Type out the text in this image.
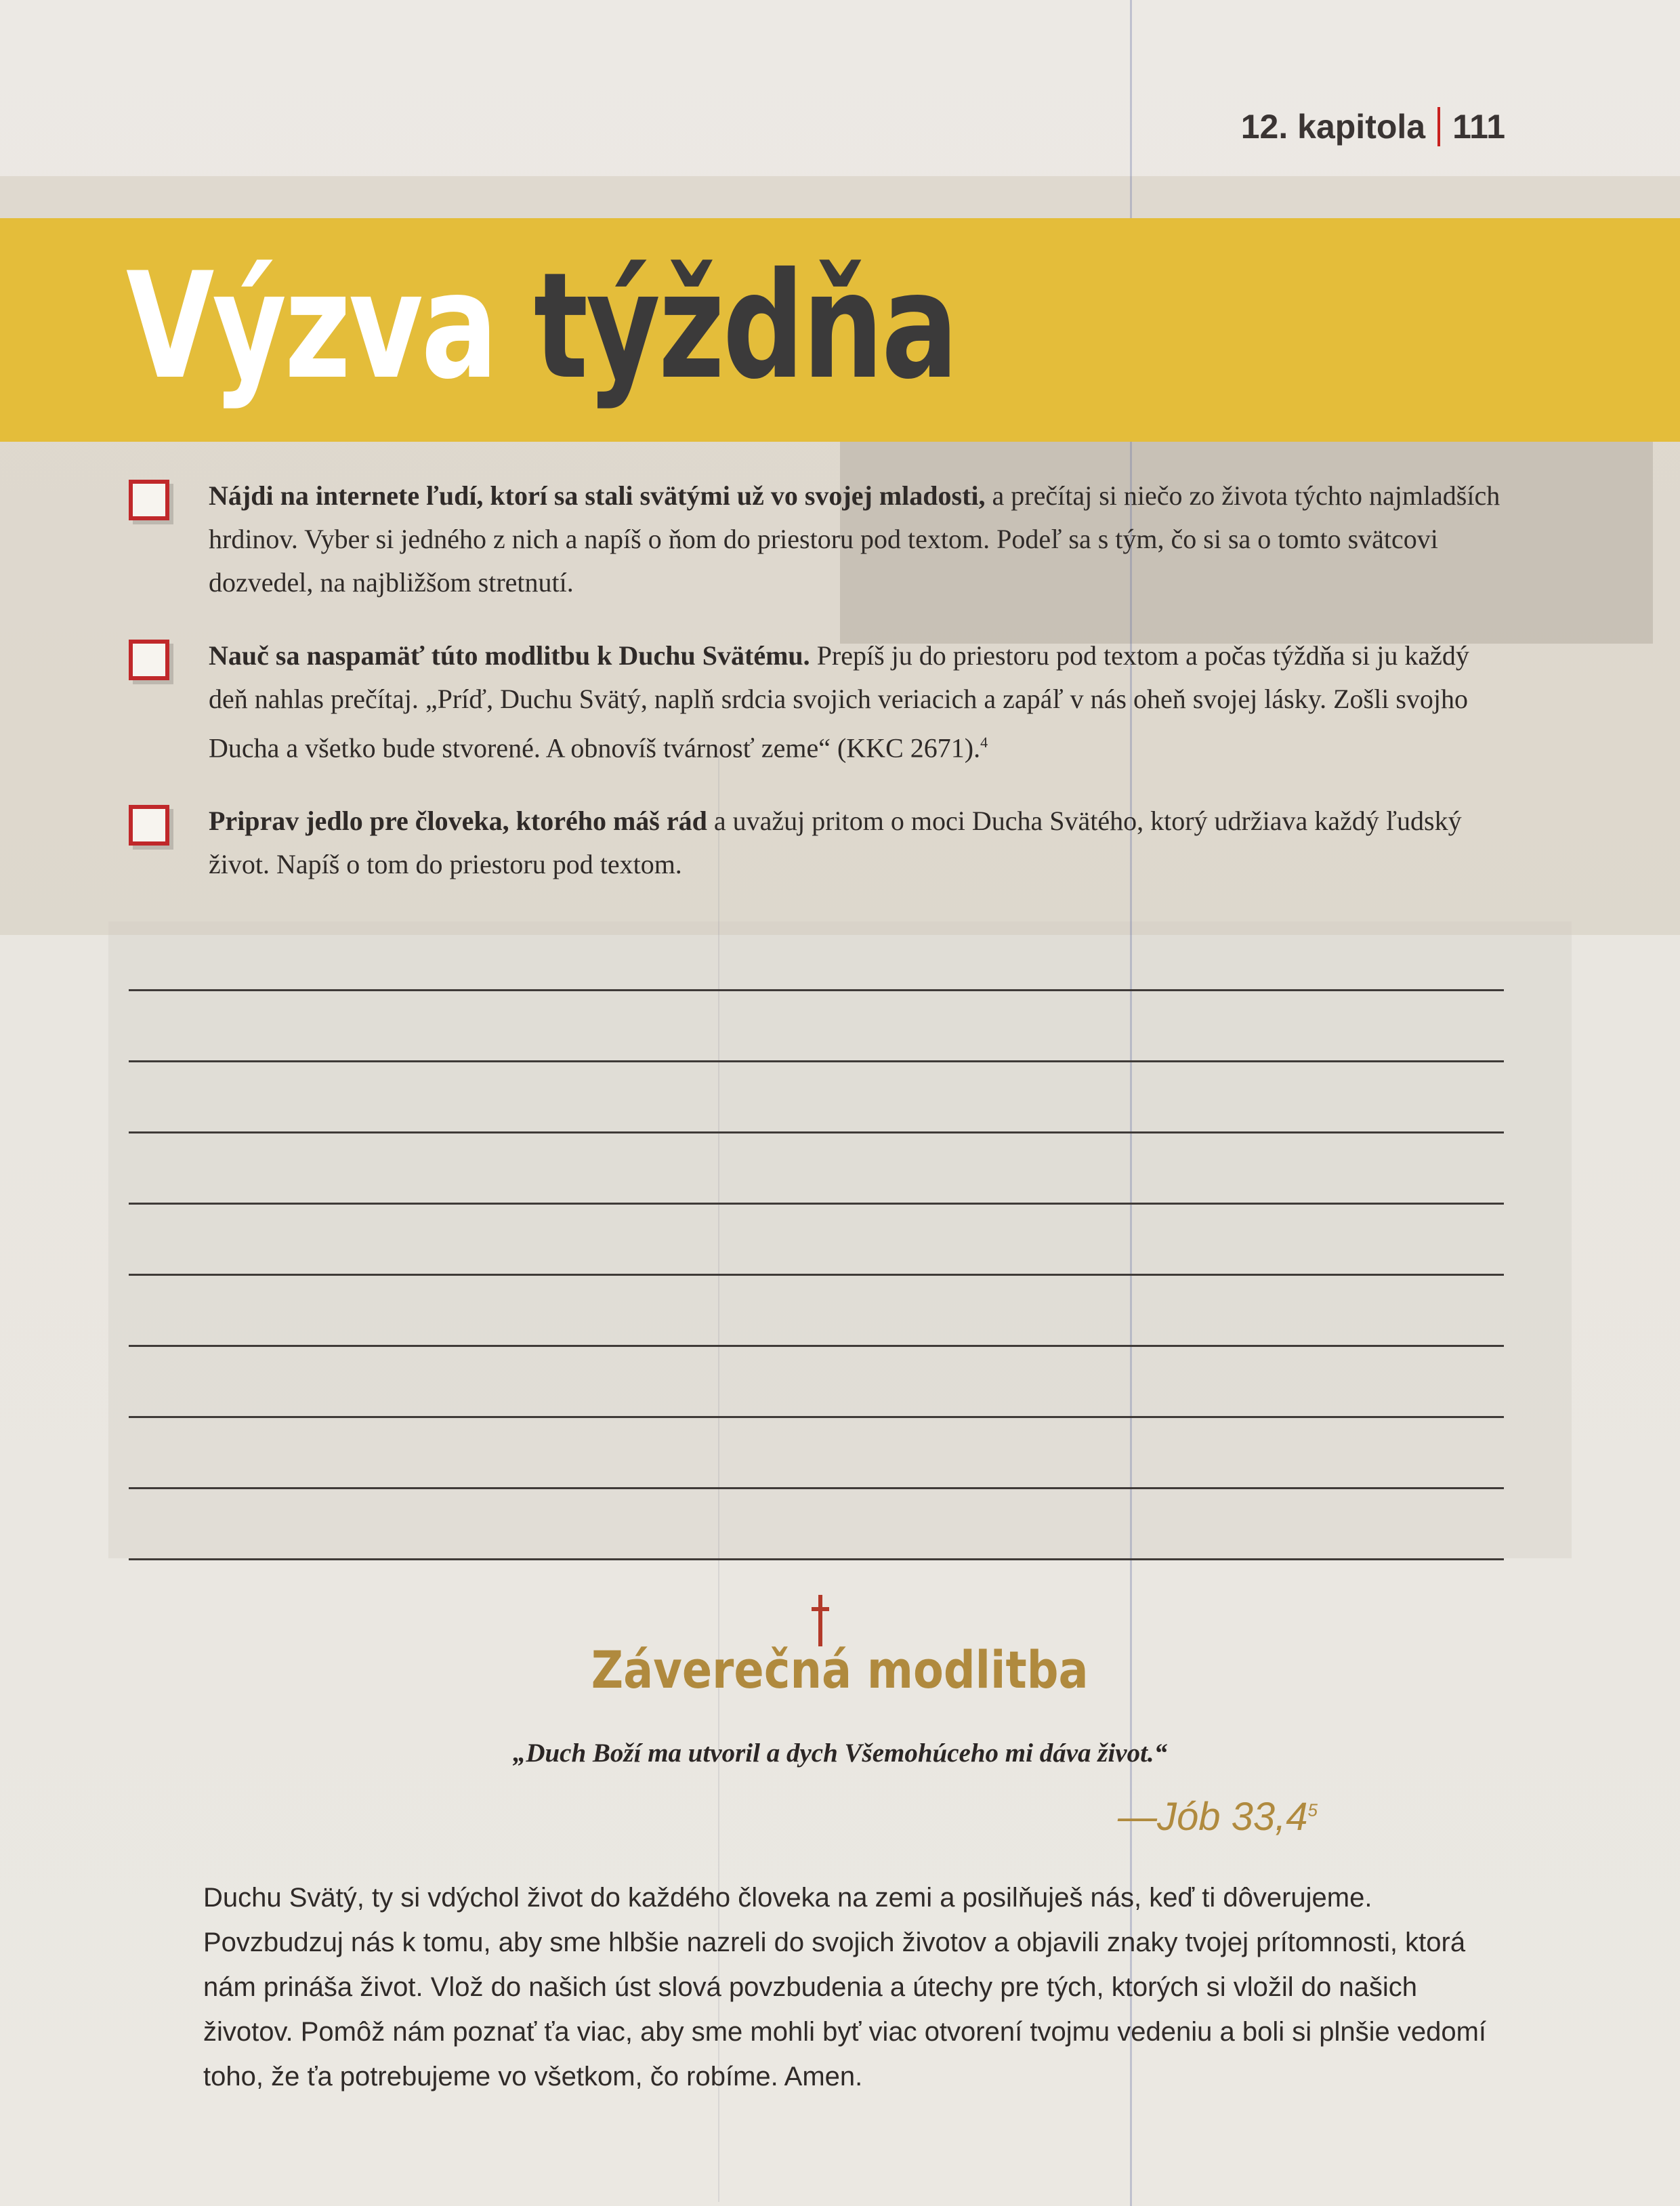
12. kapitola 111
Výzva týždňa
Nájdi na internete ľudí, ktorí sa stali svätými už vo svojej mladosti, a prečítaj si niečo zo života týchto najmladších hrdinov. Vyber si jedného z nich a napíš o ňom do priestoru pod textom. Podeľ sa s tým, čo si sa o tomto svätcovi dozvedel, na najbližšom stretnutí.
Nauč sa naspamäť túto modlitbu k Duchu Svätému. Prepíš ju do priestoru pod textom a počas týždňa si ju každý deň nahlas prečítaj. „Príď, Duchu Svätý, naplň srdcia svojich veriacich a zapáľ v nás oheň svojej lásky. Zošli svojho Ducha a všetko bude stvorené. A obnovíš tvárnosť zeme“ (KKC 2671).$^4$
Priprav jedlo pre človeka, ktorého máš rád a uvažuj pritom o moci Ducha Svätého, ktorý udržiava každý ľudský život. Napíš o tom do priestoru pod textom.
Záverečná modlitba
„Duch Boží ma utvoril a dych Všemohúceho mi dáva život.“
—Jób 33,4$^5$
Duchu Svätý, ty si vdýchol život do každého človeka na zemi a posilňuješ nás, keď ti dôverujeme. Povzbudzuj nás k tomu, aby sme hlbšie nazreli do svojich životov a objavili znaky tvojej prítomnosti, ktorá nám prináša život. Vlož do našich úst slová povzbudenia a útechy pre tých, ktorých si vložil do našich životov. Pomôž nám poznať ťa viac, aby sme mohli byť viac otvorení tvojmu vedeniu a boli si plnšie vedomí toho, že ťa potrebujeme vo všetkom, čo robíme. Amen.
